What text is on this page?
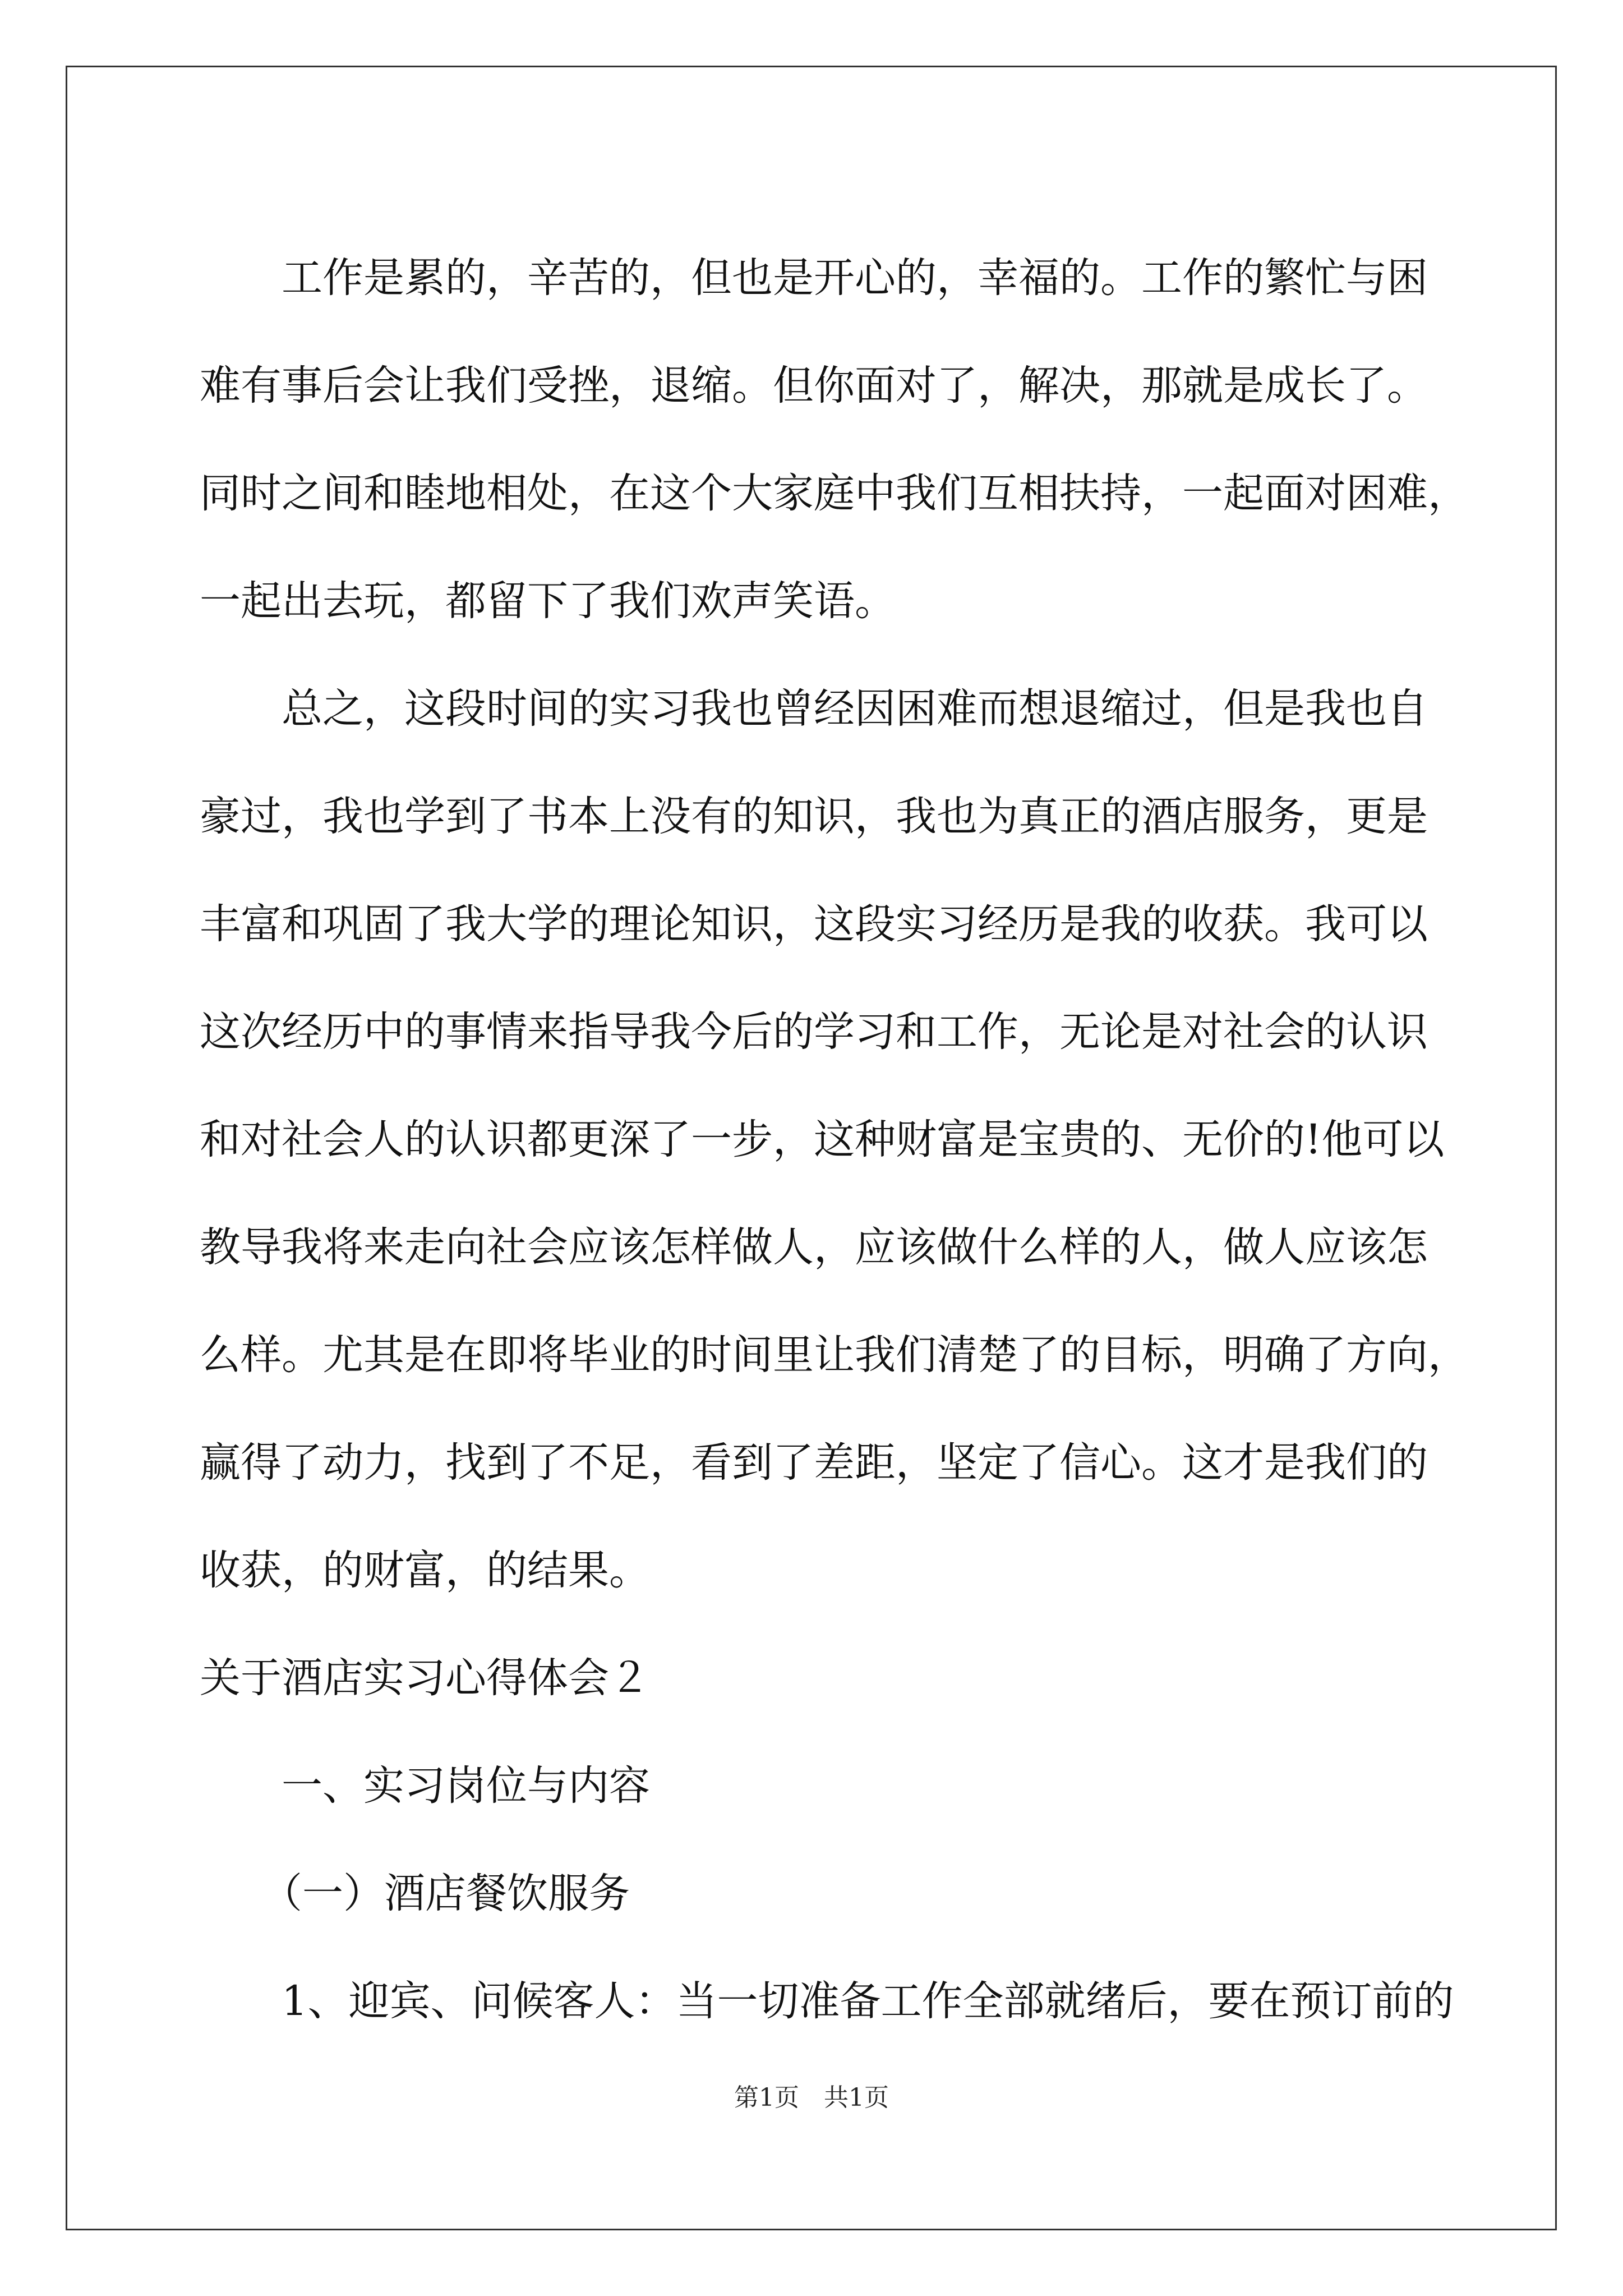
工作是累的，辛苦的，但也是开心的，幸福的。工作的繁忙与困
难有事后会让我们受挫，退缩。但你面对了，解决，那就是成长了。
同时之间和睦地相处，在这个大家庭中我们互相扶持，一起面对困难，
一起出去玩，都留下了我们欢声笑语。
总之，这段时间的实习我也曾经因困难而想退缩过，但是我也自
豪过，我也学到了书本上没有的知识，我也为真正的酒店服务，更是
丰富和巩固了我大学的理论知识，这段实习经历是我的收获。我可以
这次经历中的事情来指导我今后的学习和工作，无论是对社会的认识
和对社会人的认识都更深了一步，这种财富是宝贵的、无价的!他可以
教导我将来走向社会应该怎样做人，应该做什么样的人，做人应该怎
么样。尤其是在即将毕业的时间里让我们清楚了的目标，明确了方向，
赢得了动力，找到了不足，看到了差距，坚定了信心。这才是我们的
收获，的财富，的结果。
关于酒店实习心得体会２
一、实习岗位与内容
（一）酒店餐饮服务
1、迎宾、问候客人：当一切准备工作全部就绪后，要在预订前的
第1页　共1页
